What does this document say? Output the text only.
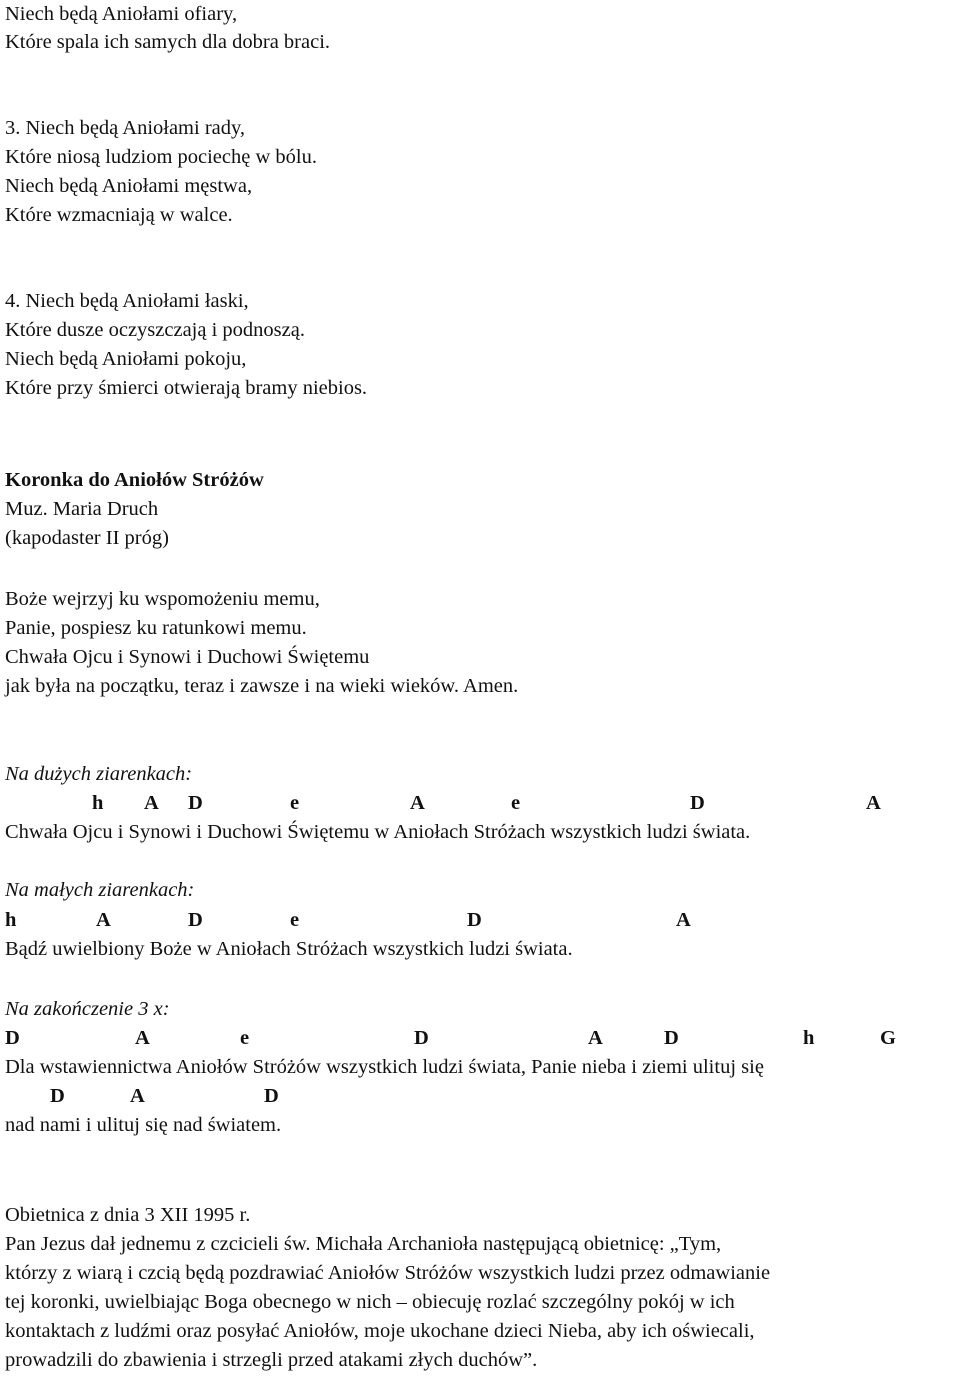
Niech będą Aniołami ofiary,
Które spala ich samych dla dobra braci.
3. Niech będą Aniołami rady,
Które niosą ludziom pociechę w bólu.
Niech będą Aniołami męstwa,
Które wzmacniają w walce.
4. Niech będą Aniołami łaski,
Które dusze oczyszczają i podnoszą.
Niech będą Aniołami pokoju,
Które przy śmierci otwierają bramy niebios.
Koronka do Aniołów Stróżów
Muz. Maria Druch
(kapodaster II próg)
Boże wejrzyj ku wspomożeniu memu,
Panie, pospiesz ku ratunkowi memu.
Chwała Ojcu i Synowi i Duchowi Świętemu
jak była na początku, teraz i zawsze i na wieki wieków. Amen.
Na dużych ziarenkach:
h A D	e	A	e	D	A
Chwała Ojcu i Synowi i Duchowi Świętemu w Aniołach Stróżach wszystkich ludzi świata.
Na małych ziarenkach:
h	A	D	e	D	A
Bądź uwielbiony Boże w Aniołach Stróżach wszystkich ludzi świata.
Na zakończenie 3 x:
D	A	e	D	A	D	h	G
Dla wstawiennictwa Aniołów Stróżów wszystkich ludzi świata, Panie nieba i ziemi ulituj się
D	A	D
nad nami i ulituj się nad światem.
Obietnica z dnia 3 XII 1995 r.
Pan Jezus dał jednemu z czcicieli św. Michała Archanioła następującą obietnicę: „Tym,
którzy z wiarą i czcią będą pozdrawiać Aniołów Stróżów wszystkich ludzi przez odmawianie
tej koronki, uwielbiając Boga obecnego w nich – obiecuję rozlać szczególny pokój w ich
kontaktach z ludźmi oraz posyłać Aniołów, moje ukochane dzieci Nieba, aby ich oświecali,
prowadzili do zbawienia i strzegli przed atakami złych duchów”.
